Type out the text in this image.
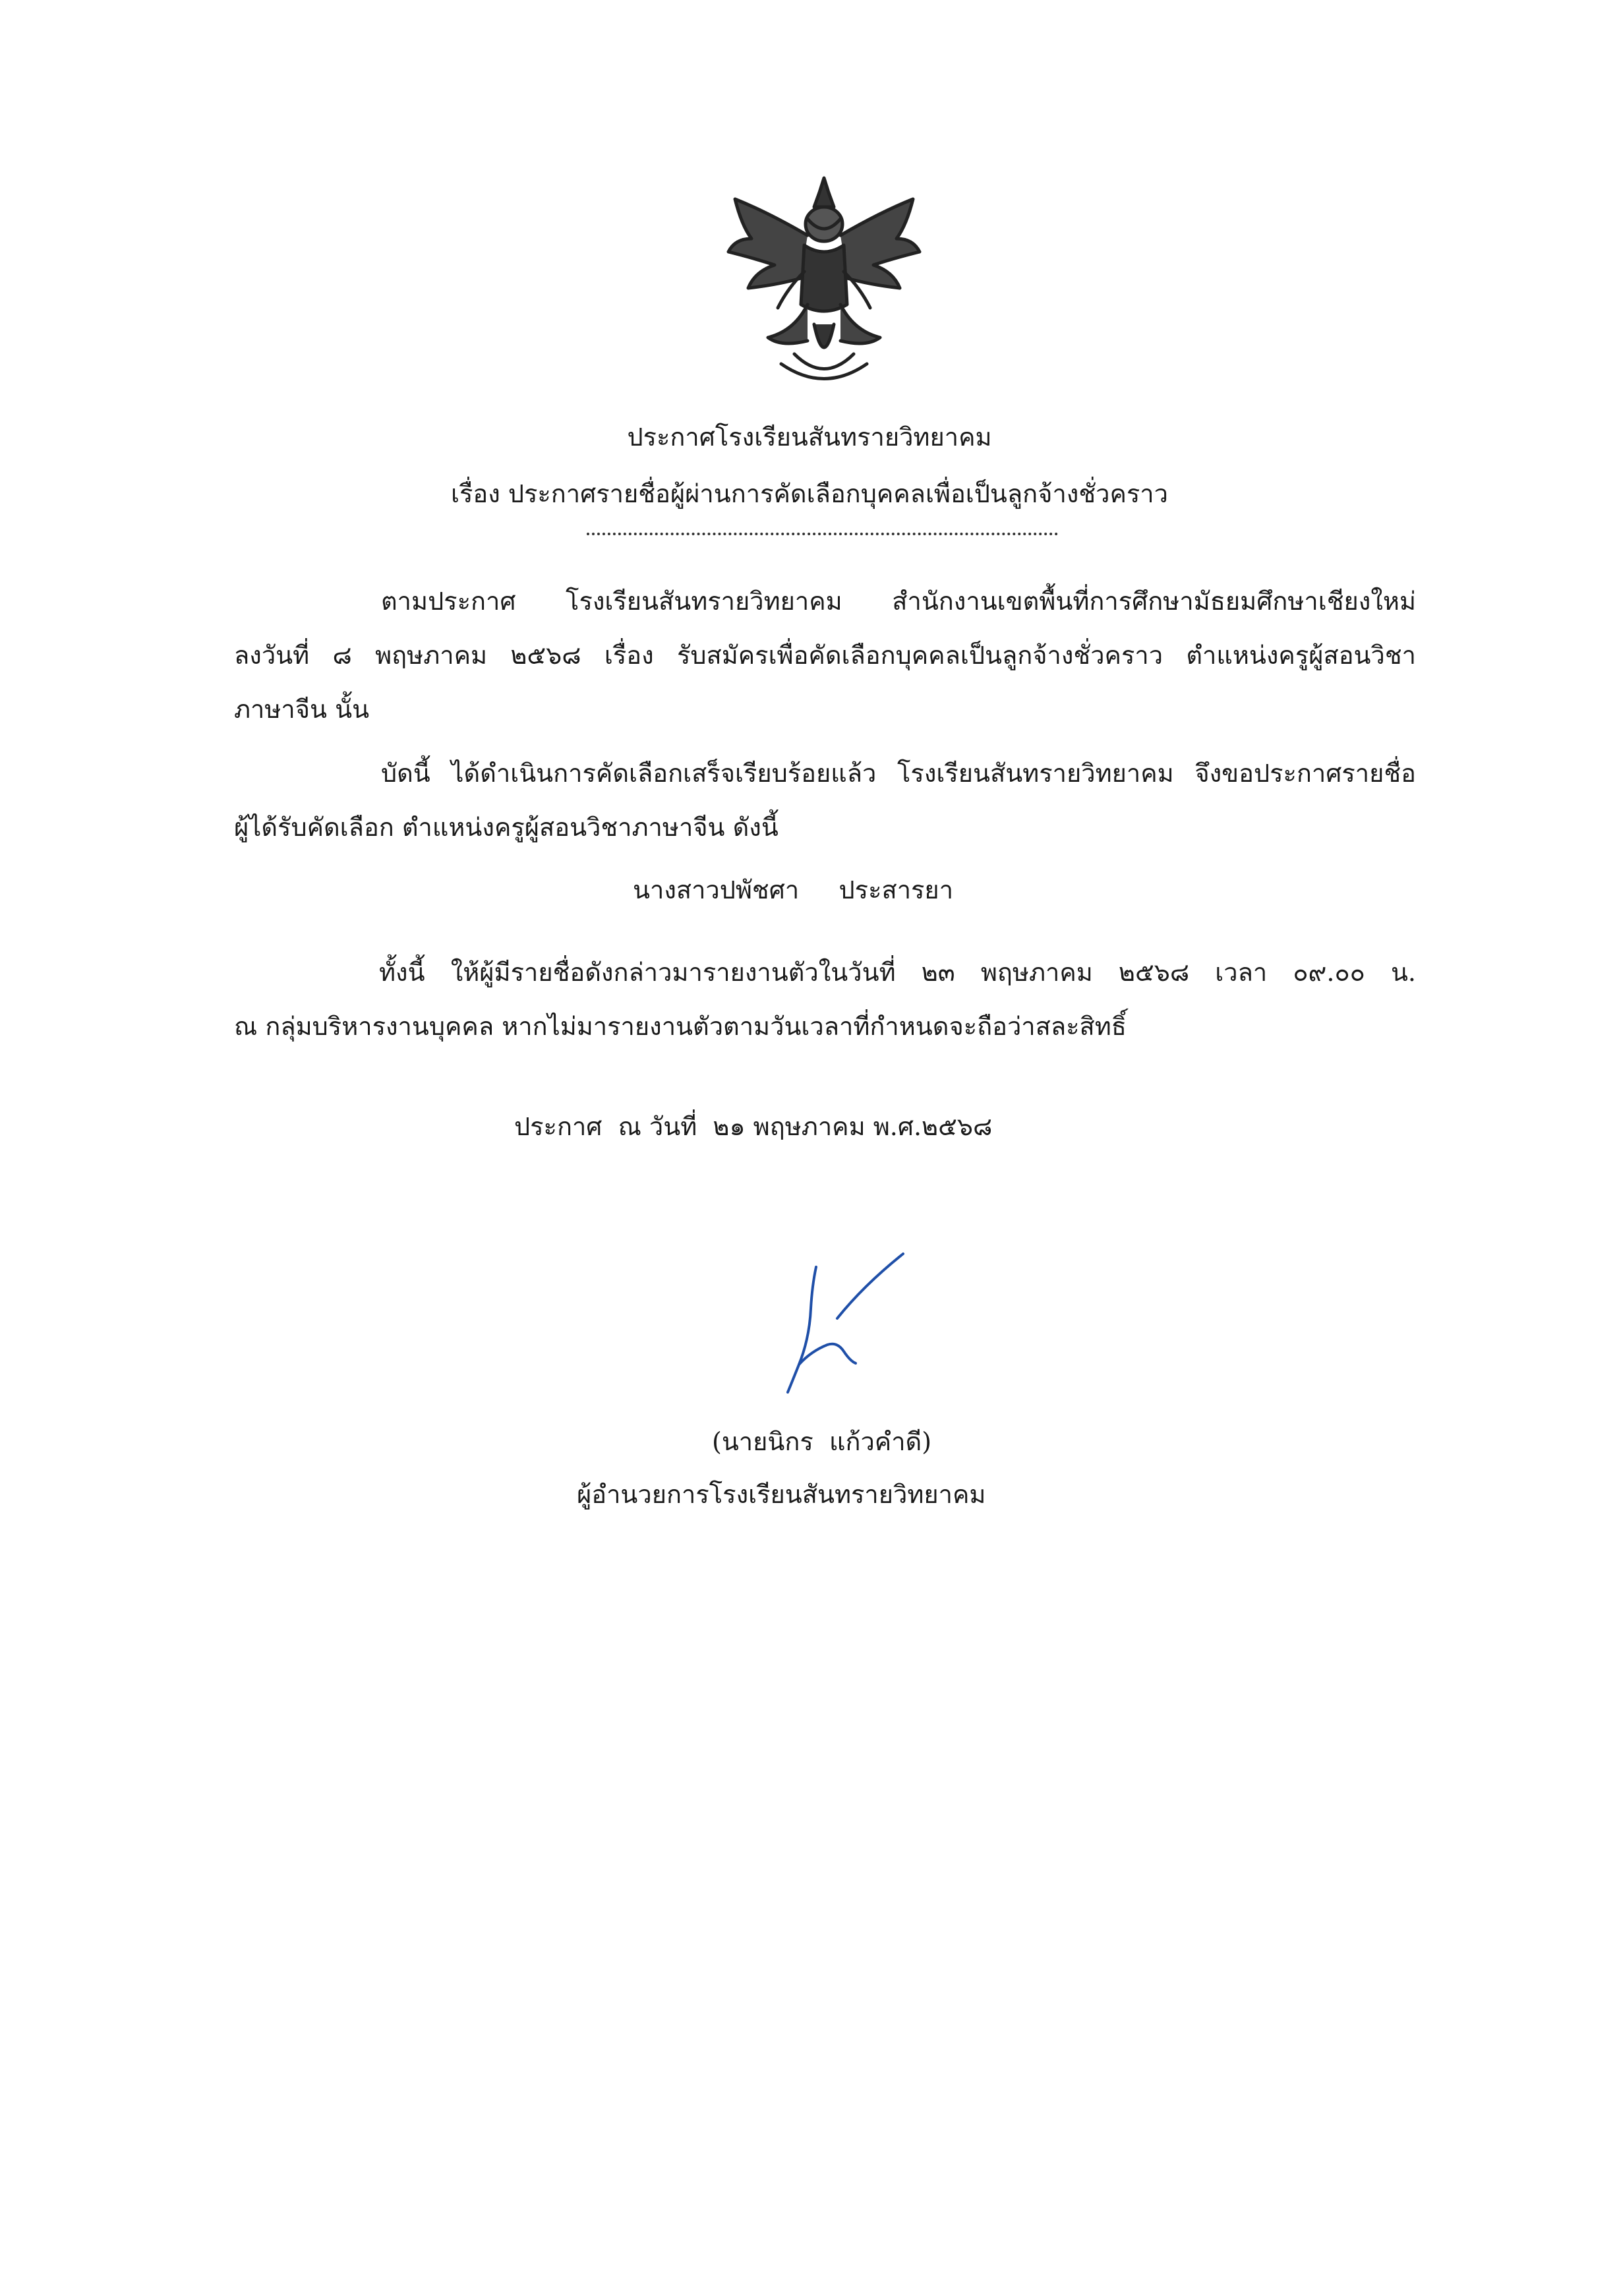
ประกาศโรงเรียนสันทรายวิทยาคม
เรื่อง ประกาศรายชื่อผู้ผ่านการคัดเลือกบุคคลเพื่อเป็นลูกจ้างชั่วคราว
ตามประกาศ โรงเรียนสันทรายวิทยาคม สำนักงานเขตพื้นที่การศึกษามัธยมศึกษาเชียงใหม่
ลงวันที่ ๘ พฤษภาคม ๒๕๖๘ เรื่อง รับสมัครเพื่อคัดเลือกบุคคลเป็นลูกจ้างชั่วคราว ตำแหน่งครูผู้สอนวิชา
ภาษาจีน นั้น
บัดนี้ ได้ดำเนินการคัดเลือกเสร็จเรียบร้อยแล้ว โรงเรียนสันทรายวิทยาคม จึงขอประกาศรายชื่อ
ผู้ได้รับคัดเลือก ตำแหน่งครูผู้สอนวิชาภาษาจีน ดังนี้
นางสาวปพัชศา     ประสารยา
ทั้งนี้ ให้ผู้มีรายชื่อดังกล่าวมารายงานตัวในวันที่ ๒๓ พฤษภาคม ๒๕๖๘ เวลา ๐๙.๐๐ น.
ณ กลุ่มบริหารงานบุคคล หากไม่มารายงานตัวตามวันเวลาที่กำหนดจะถือว่าสละสิทธิ์
ประกาศ  ณ วันที่  ๒๑ พฤษภาคม พ.ศ.๒๕๖๘
(นายนิกร  แก้วคำดี)
ผู้อำนวยการโรงเรียนสันทรายวิทยาคม
